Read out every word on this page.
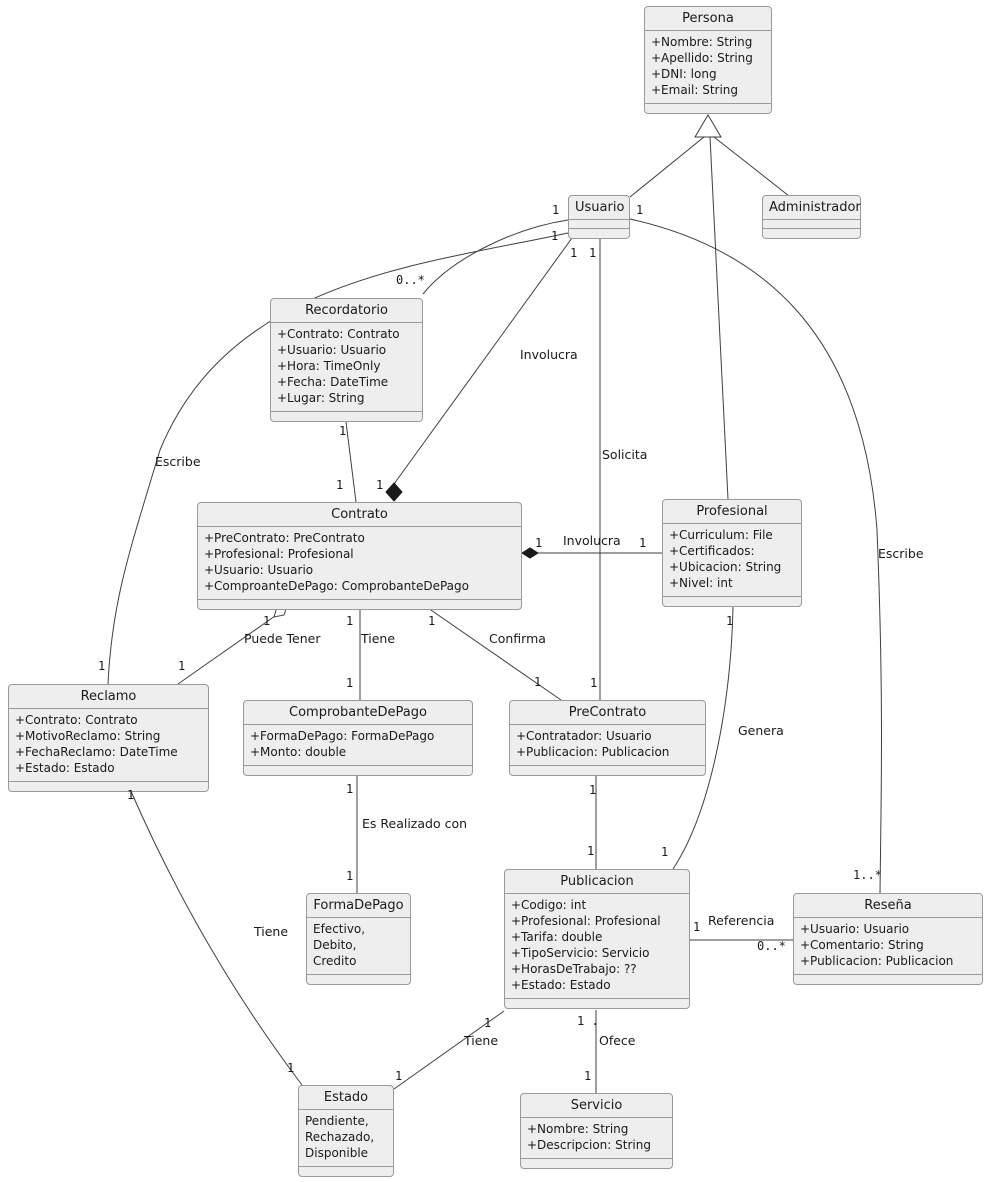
Persona
+Nombre: String
+Apellido: String
+DNI: long
+Email: String
Usuario	Administrador
Recordatorio
+Contrato: Contrato
+Usuario: Usuario
+Hora: TimeOnly
+Fecha: DateTime
+Lugar: String
Contrato
+PreContrato: PreContrato
+Profesional: Profesional
+Usuario: Usuario
+ComproanteDePago: ComprobanteDePago
Profesional
+Curriculum: File
+Certificados:
+Ubicacion: String
+Nivel: int
Reclamo
+Contrato: Contrato
+MotivoReclamo: String
+FechaReclamo: DateTime
+Estado: Estado
ComprobanteDePago
+FormaDePago: FormaDePago
+Monto: double
PreContrato
+Contratador: Usuario
+Publicacion: Publicacion
FormaDePago
Efectivo,
Debito,
Credito
Publicacion
+Codigo: int
+Profesional: Profesional
+Tarifa: double
+TipoServicio: Servicio
+HorasDeTrabajo: ??
+Estado: Estado
Reseña
+Usuario: Usuario
+Comentario: String
+Publicacion: Publicacion
Estado
Pendiente,
Rechazado,
Disponible
Servicio
+Nombre: String
+Descripcion: String
Involucra
Solicita
Escribe
Escribe
Involucra
Puede Tener	Tiene	Confirma
Es Realizado con
Genera
Tiene
Referencia
Tiene	Ofece
1	1
1
1 1
0..*
1
1	1
1	1
1	1
1	1	1
1	1	1
1
1	1
1
1	1
1..*
1
0..*
1
1
1
1	1 .
1
